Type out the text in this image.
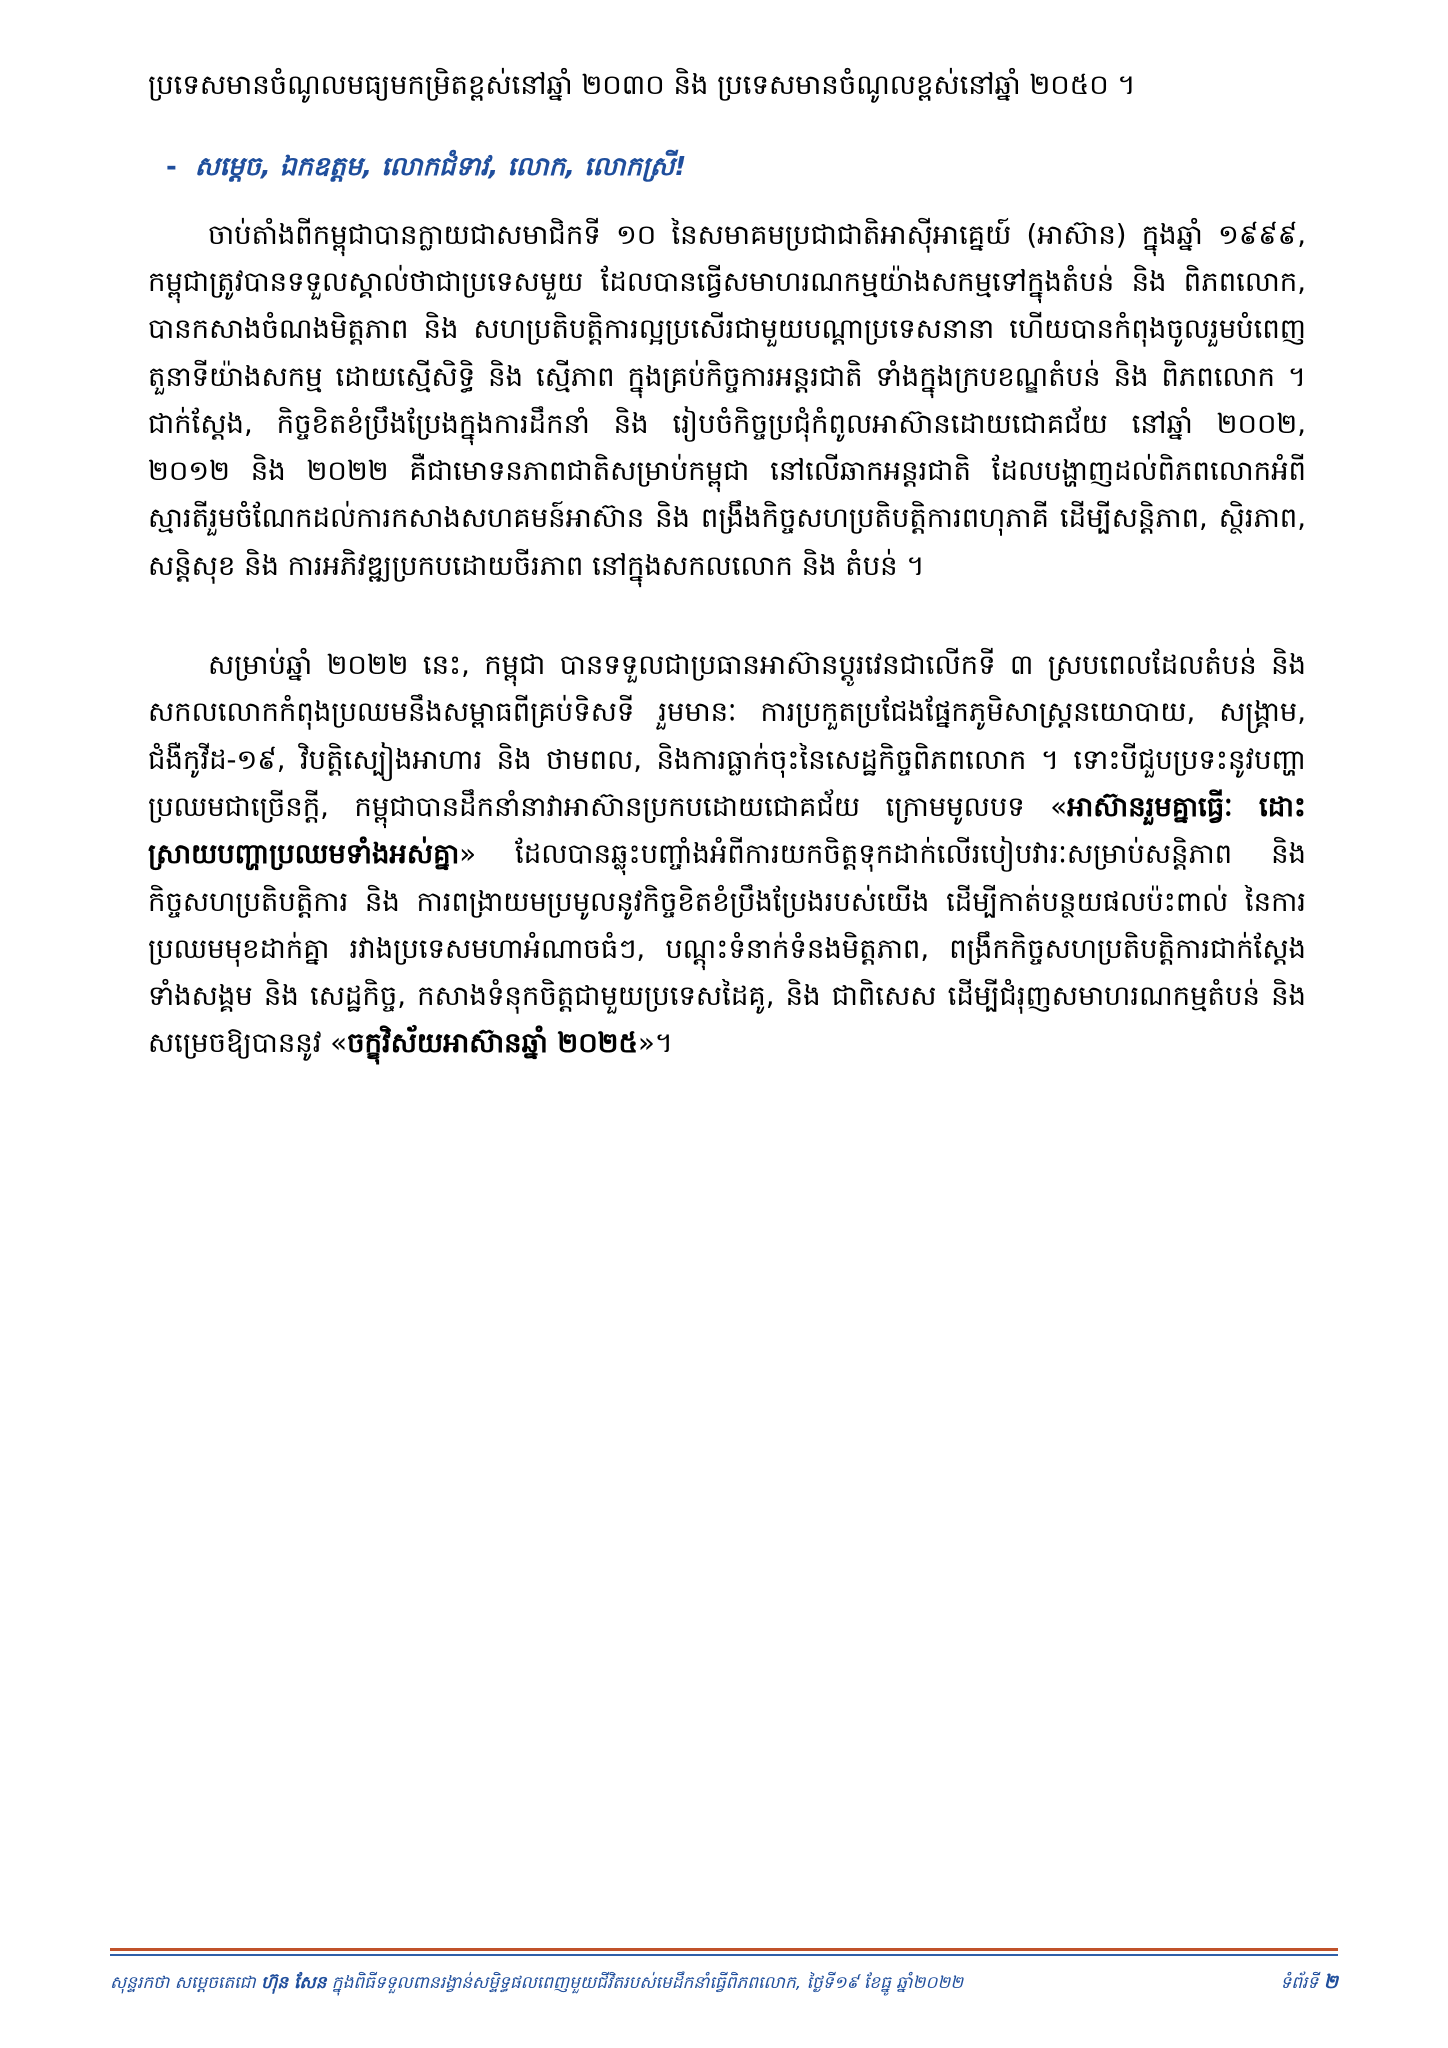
ប្រទេសមានចំណូលមធ្យមកម្រិតខ្ពស់នៅឆ្នាំ ២០៣០ និង ប្រទេសមានចំណូលខ្ពស់នៅឆ្នាំ ២០៥០ ។

- សម្ដេច, ឯកឧត្ដម, លោកជំទាវ, លោក, លោកស្រី!

ចាប់តាំងពីកម្ពុជាបានក្លាយជាសមាជិកទី ១០ នៃសមាគមប្រជាជាតិអាស៊ីអាគ្នេយ៍ (អាស៊ាន) ក្នុងឆ្នាំ ១៩៩៩, កម្ពុជាត្រូវបានទទួលស្គាល់ថាជាប្រទេសមួយ ដែលបានធ្វើសមាហរណកម្មយ៉ាងសកម្មទៅក្នុងតំបន់ និង ពិភពលោក, បានកសាងចំណងមិត្តភាព និង សហប្រតិបត្តិការល្អប្រសើរជាមួយបណ្ដាប្រទេសនានា ហើយបានកំពុងចូលរួមបំពេញតួនាទីយ៉ាងសកម្ម ដោយស្មើសិទ្ធិ និង ស្មើភាព ក្នុងគ្រប់កិច្ចការអន្តរជាតិ ទាំងក្នុងក្របខណ្ឌតំបន់ និង ពិភពលោក ។ ជាក់ស្ដែង, កិច្ចខិតខំប្រឹងប្រែងក្នុងការដឹកនាំ និង រៀបចំកិច្ចប្រជុំកំពូលអាស៊ានដោយជោគជ័យ នៅឆ្នាំ ២០០២, ២០១២ និង ២០២២ គឺជាមោទនភាពជាតិសម្រាប់កម្ពុជា នៅលើឆាកអន្តរជាតិ ដែលបង្ហាញដល់ពិភពលោកអំពីស្មារតីរួមចំណែកដល់ការកសាងសហគមន៍អាស៊ាន និង ពង្រឹងកិច្ចសហប្រតិបត្តិការពហុភាគី ដើម្បីសន្តិភាព, ស្ថិរភាព, សន្តិសុខ និង ការអភិវឌ្ឍប្រកបដោយចីរភាព នៅក្នុងសកលលោក និង តំបន់ ។

សម្រាប់ឆ្នាំ ២០២២ នេះ, កម្ពុជា បានទទួលជាប្រធានអាស៊ានប្ដូរវេនជាលើកទី ៣ ស្របពេលដែលតំបន់ និង សកលលោកកំពុងប្រឈមនឹងសម្ពាធពីគ្រប់ទិសទី រួមមានៈ ការប្រកួតប្រជែងផ្នែកភូមិសាស្ត្រនយោបាយ, សង្គ្រាម, ជំងឺកូវីដ-១៩, វិបត្តិស្បៀងអាហារ និង ថាមពល, និងការធ្លាក់ចុះនៃសេដ្ឋកិច្ចពិភពលោក ។ ទោះបីជួបប្រទះនូវបញ្ហាប្រឈមជាច្រើនក្ដី, កម្ពុជាបានដឹកនាំនាវាអាស៊ានប្រកបដោយជោគជ័យ ក្រោមមូលបទ «អាស៊ានរួមគ្នាធ្វើៈ ដោះស្រាយបញ្ហាប្រឈមទាំងអស់គ្នា» ដែលបានឆ្លុះបញ្ចាំងអំពីការយកចិត្តទុកដាក់លើរបៀបវារៈសម្រាប់សន្តិភាព និង កិច្ចសហប្រតិបត្តិការ និង ការពង្រាយមប្រមូលនូវកិច្ចខិតខំប្រឹងប្រែងរបស់យើង ដើម្បីកាត់បន្ថយផលប៉ះពាល់ នៃការប្រឈមមុខដាក់គ្នា រវាងប្រទេសមហាអំណាចធំៗ, បណ្ដុះទំនាក់ទំនងមិត្តភាព, ពង្រឹកកិច្ចសហប្រតិបត្តិការជាក់ស្ដែង ទាំងសង្គម និង សេដ្ឋកិច្ច, កសាងទំនុកចិត្តជាមួយប្រទេសដៃគូ, និង ជាពិសេស ដើម្បីជំរុញសមាហរណកម្មតំបន់ និងសម្រេចឱ្យបាននូវ «ចក្ខុវិស័យអាស៊ានឆ្នាំ ២០២៥»។

សុន្ទរកថា សម្ដេចតេជោ ហ៊ុន សែន ក្នុងពិធីទទួលពានរង្វាន់សម្ទិទ្ធផលពេញមួយជីវិតរបស់មេដឹកនាំធ្វើពិភពលោក, ថ្ងៃទី១៩ ខែធ្នូ ឆ្នាំ២០២២	ទំព័រទី ២
